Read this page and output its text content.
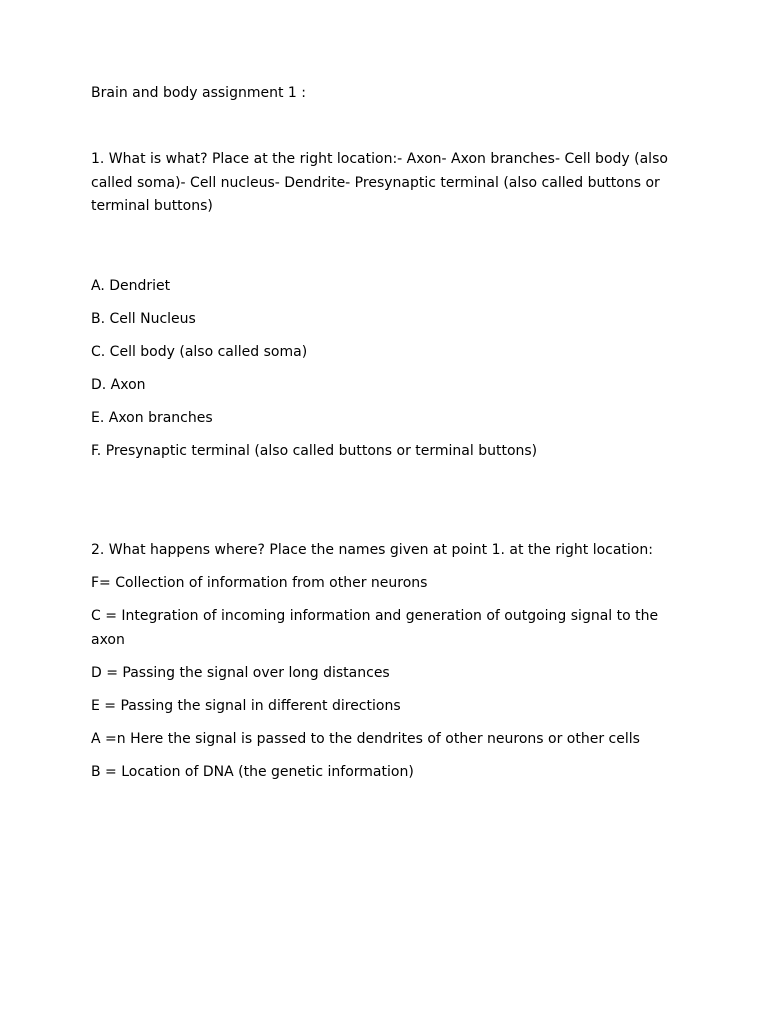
Brain and body assignment 1 :
1. What is what? Place at the right location:- Axon- Axon branches- Cell body (also called soma)- Cell nucleus- Dendrite- Presynaptic terminal (also called buttons or terminal buttons)
A. Dendriet
B. Cell Nucleus
C. Cell body (also called soma)
D. Axon
E. Axon branches
F. Presynaptic terminal (also called buttons or terminal buttons)
2. What happens where? Place the names given at point 1. at the right location:
F= Collection of information from other neurons
C = Integration of incoming information and generation of outgoing signal to the axon
D = Passing the signal over long distances
E = Passing the signal in different directions
A =n Here the signal is passed to the dendrites of other neurons or other cells
B = Location of DNA (the genetic information)
